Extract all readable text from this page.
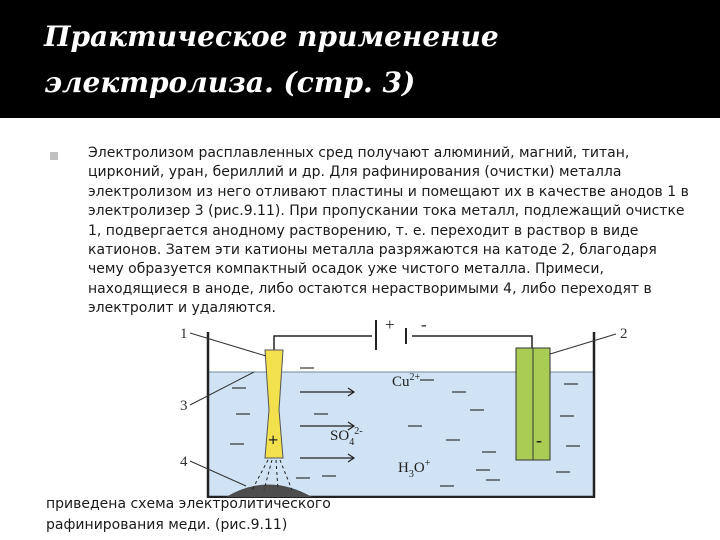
Практическое применение электролиза. (стр. 3)

Электролизом расплавленных сред получают алюминий, магний, титан, цирконий, уран, бериллий и др. Для рафинирования (очистки) металла электролизом из него отливают пластины и помещают их в качестве анодов 1 в электролизер 3 (рис.9.11). При пропускании тока металл, подлежащий очистке 1, подвергается анодному растворению, т. е. переходит в раствор в виде катионов. Затем эти катионы металла разряжаются на катоде 2, благодаря чему образуется компактный осадок уже чистого металла. Примеси, находящиеся в аноде, либо остаются нерастворимыми 4, либо переходят в электролит и удаляются.

+ -
+	-
$Cu^{2+}$
$SO_4^{2-}$
$H_3O^+$
1	2
3
4

приведена схема электролитического рафинирования меди. (рис.9.11)
